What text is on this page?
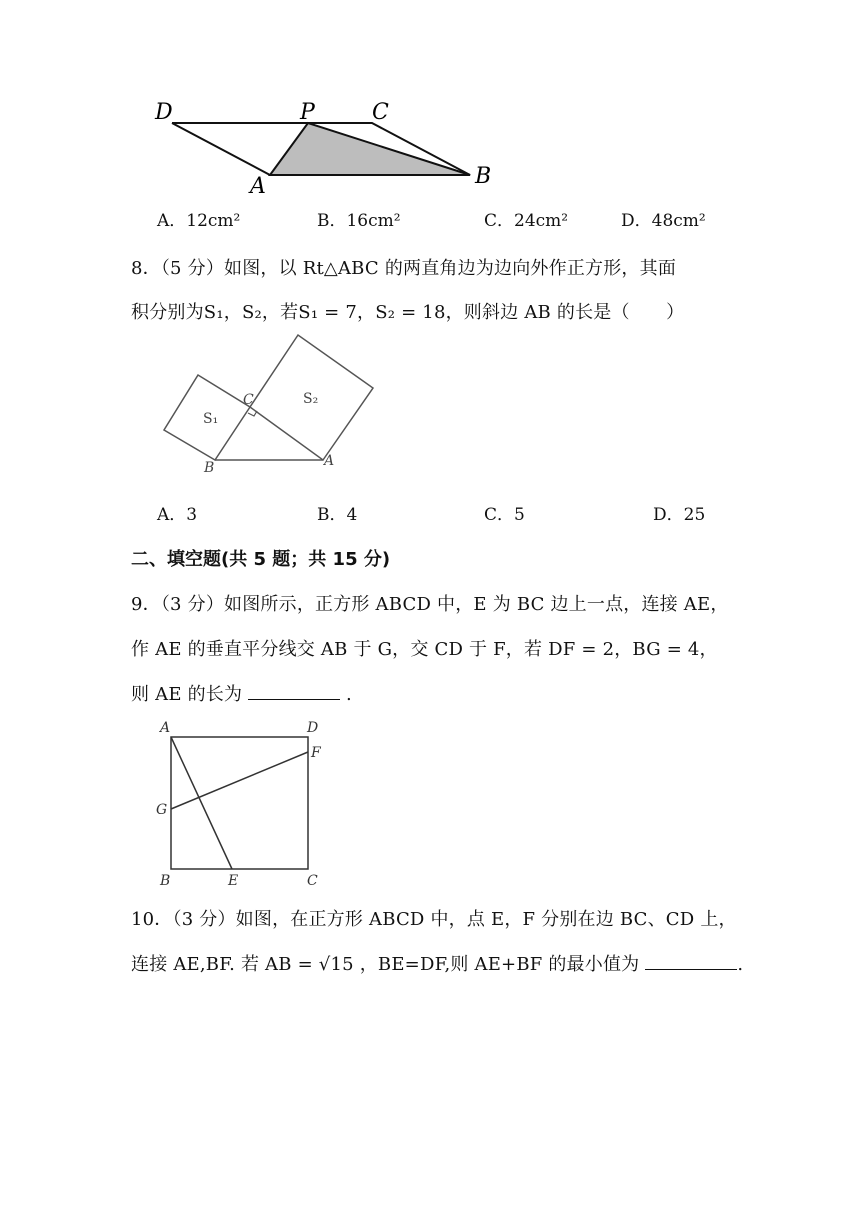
D	P	C
A	B
A．12cm²	B．16cm²	C．24cm²	D．48cm²
8．（5 分）如图，以 Rt△ABC 的两直角边为边向外作正方形，其面
积分别为S₁，S₂，若S₁ = 7，S₂ = 18，则斜边 AB 的长是（　　）
S₁
S₂
C
B	A
A．3	B．4	C．5	D．25
二、填空题(共 5 题；共 15 分)
9．（3 分）如图所示，正方形 ABCD 中，E 为 BC 边上一点，连接 AE，
作 AE 的垂直平分线交 AB 于 G，交 CD 于 F，若 DF = 2，BG = 4，
则 AE 的长为	.
A	D
F
G
B	E	C
10．（3 分）如图，在正方形 ABCD 中，点 E，F 分别在边 BC、CD 上，
连接 AE,BF. 若 AB = √15 ，BE=DF,则 AE+BF 的最小值为	.
